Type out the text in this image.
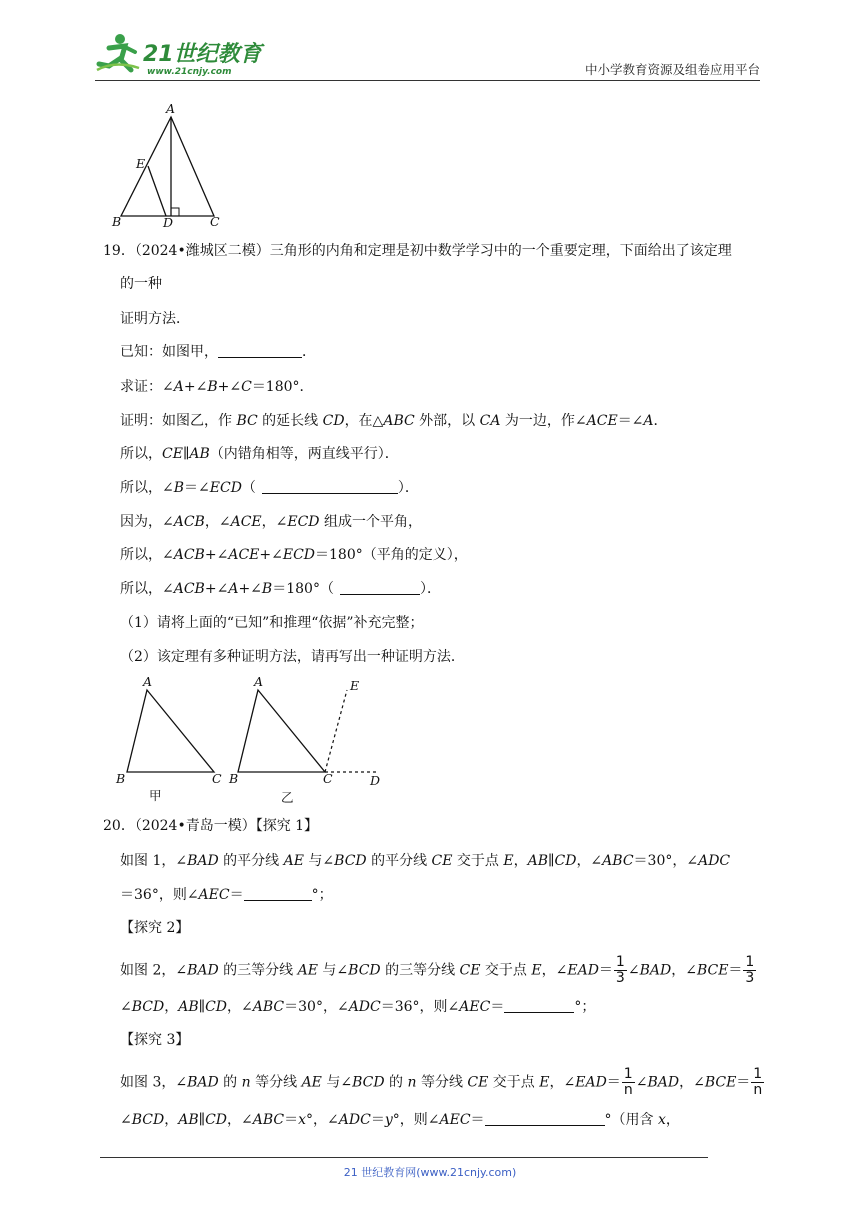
21世纪教育
www.21cnjy.com	中小学教育资源及组卷应用平台
A
E
B	D	C
19．（2024•潍城区二模）三角形的内角和定理是初中数学学习中的一个重要定理，下面给出了该定理
的一种
证明方法．
已知：如图甲，	．
求证：∠A+∠B+∠C＝180°．
证明：如图乙，作 BC 的延长线 CD，在△ABC 外部，以 CA 为一边，作∠ACE＝∠A．
所以，CE∥AB（内错角相等，两直线平行）．
所以，∠B＝∠ECD（	）．
因为，∠ACB，∠ACE，∠ECD 组成一个平角，
所以，∠ACB+∠ACE+∠ECD＝180°（平角的定义），
所以，∠ACB+∠A+∠B＝180°（	）．
（1）请将上面的“已知”和推理“依据”补充完整；
（2）该定理有多种证明方法，请再写出一种证明方法．
A
B	C
甲
A	E
B	C	D
乙
20．（2024•青岛一模）【探究 1】
如图 1，∠BAD 的平分线 AE 与∠BCD 的平分线 CE 交于点 E，AB∥CD，∠ABC＝30°，∠ADC
＝36°，则∠AEC＝	°；
【探究 2】
如图 2，∠BAD 的三等分线 AE 与∠BCD 的三等分线 CE 交于点 E，∠EAD＝ $\frac{1}{3}$ ∠BAD，∠BCE＝ $\frac{1}{3}$
∠BCD，AB∥CD，∠ABC＝30°，∠ADC＝36°，则∠AEC＝	°；
【探究 3】
如图 3，∠BAD 的 n 等分线 AE 与∠BCD 的 n 等分线 CE 交于点 E，∠EAD＝ $\frac{1}{n}$ ∠BAD，∠BCE＝ $\frac{1}{n}$
∠BCD，AB∥CD，∠ABC＝x°，∠ADC＝y°，则∠AEC＝	°（用含 x，
21 世纪教育网(www.21cnjy.com)
